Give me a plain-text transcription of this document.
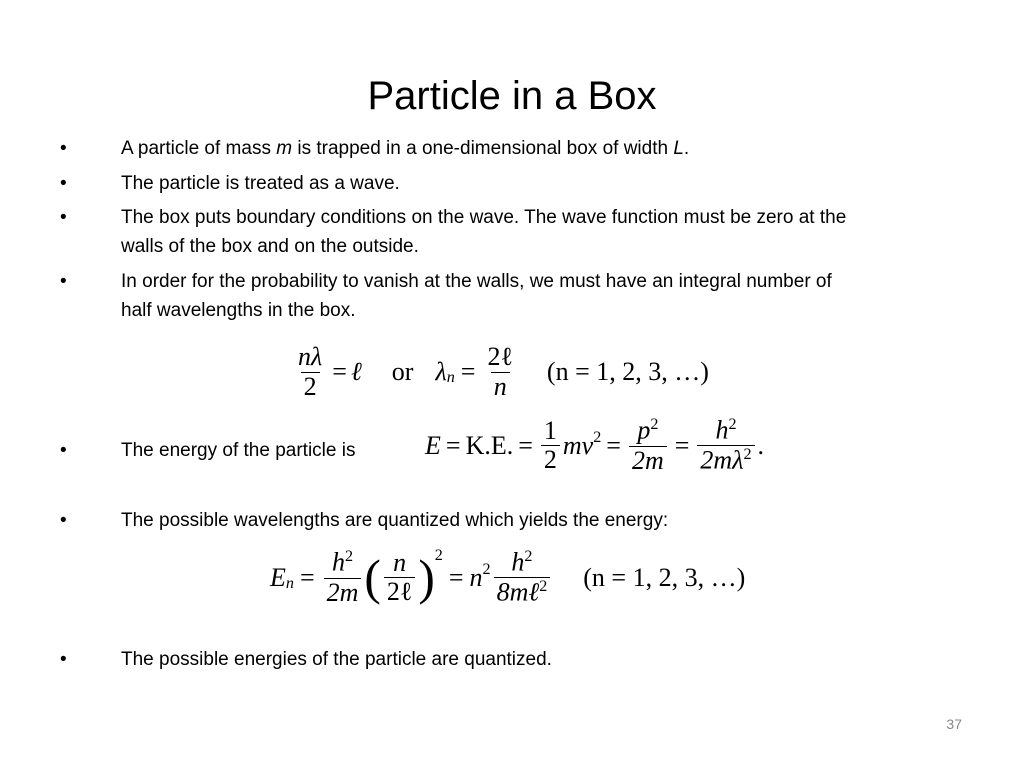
Particle in a Box
•	A particle of mass m is trapped in a one-dimensional box of width L.
•	The particle is treated as a wave.
•	The box puts boundary conditions on the wave. The wave function must be zero at the
walls of the box and on the outside.
•	In order for the probability to vanish at the walls, we must have an integral number of
half wavelengths in the box.
$\frac{n\lambda}{2}$ = ℓ or $\lambda_n = \frac{\text{2ℓ}}{n} (n = 1$, 2, 3, …)
•	The energy of the particle is	E = K.E. = $\frac{1}{2} mv^2 = \frac{p^2}{2m} = \frac{h^2}{2m\lambda^2}$ .
•	The possible wavelengths are quantized which yields the energy:
$E_n = \frac{h^2}{2m}$ ( $\frac{n}{\text{2ℓ}} )^2$
= $n^2 \frac{h^2}{8m\ell^2} (n = 1$, 2, 3, …)
•	The possible energies of the particle are quantized.
37
